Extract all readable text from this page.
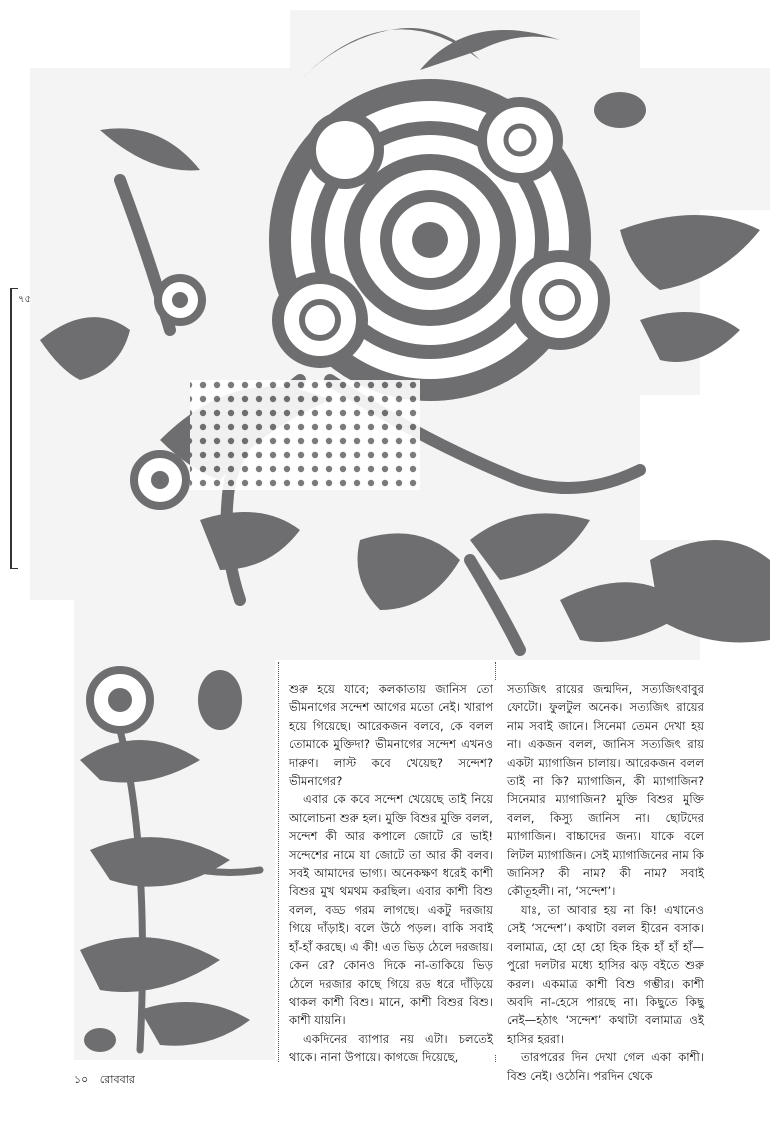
৭৫

শুরু হয়ে যাবে; কলকাতায় জানিস তো ভীমনাগের সন্দেশ আগের মতো নেই। খারাপ হয়ে গিয়েছে। আরেকজন বলবে, কে বলল তোমাকে মুক্তিদা? ভীমনাগের সন্দেশ এখনও দারুণ। লাস্ট কবে খেয়েছ? সন্দেশ? ভীমনাগের?

এবার কে কবে সন্দেশ খেয়েছে তাই নিয়ে আলোচনা শুরু হল। মুক্তি বিশুর মুক্তি বলল, সন্দেশ কী আর কপালে জোটে রে ভাই! সন্দেশের নামে যা জোটে তা আর কী বলব। সবই আমাদের ভাগ্য। অনেকক্ষণ ধরেই কাশী বিশুর মুখ থমথম করছিল। এবার কাশী বিশু বলল, বড্ড গরম লাগছে। একটু দরজায় গিয়ে দাঁড়াই। বলে উঠে পড়ল। বাকি সবাই হাঁ-হাঁ করছে। এ কী! এত ভিড় ঠেলে দরজায়। কেন রে? কোনও দিকে না-তাকিয়ে ভিড় ঠেলে দরজার কাছে গিয়ে রড ধরে দাঁড়িয়ে থাকল কাশী বিশু। মানে, কাশী বিশুর বিশু। কাশী যায়নি।

একদিনের ব্যাপার নয় এটা। চলতেই থাকে। নানা উপায়ে। কাগজে দিয়েছে,

সত্যজিৎ রায়ের জন্মদিন, সত্যজিৎবাবুর ফোটো। ফুলটুল অনেক। সত্যজিৎ রায়ের নাম সবাই জানে। সিনেমা তেমন দেখা হয় না। একজন বলল, জানিস সত্যজিৎ রায় একটা ম্যাগাজিন চালায়। আরেকজন বলল তাই না কি? ম্যাগাজিন, কী ম্যাগাজিন? সিনেমার ম্যাগাজিন? মুক্তি বিশুর মুক্তি বলল, কিস্যু জানিস না। ছোটদের ম্যাগাজিন। বাচ্চাদের জন্য। যাকে বলে লিটল ম্যাগাজিন। সেই ম্যাগাজিনের নাম কি জানিস? কী নাম? কী নাম? সবাই কৌতূহলী। না, ‘সন্দেশ’।

যাঃ, তা আবার হয় না কি! এখানেও সেই ‘সন্দেশ’। কথাটা বলল হীরেন বসাক। বলামাত্র, হো হো হো হিক হিক হাঁ হাঁ হাঁ—পুরো দলটার মধ্যে হাসির ঝড় বইতে শুরু করল। একমাত্র কাশী বিশু গম্ভীর। কাশী অবদি না-হেসে পারছে না। কিছুতে কিছু নেই—হঠাৎ ‘সন্দেশ’ কথাটা বলামাত্র ওই হাসির হররা।

তারপরের দিন দেখা গেল একা কাশী। বিশু নেই। ওঠেনি। পরদিন থেকে

১০ রোববার
